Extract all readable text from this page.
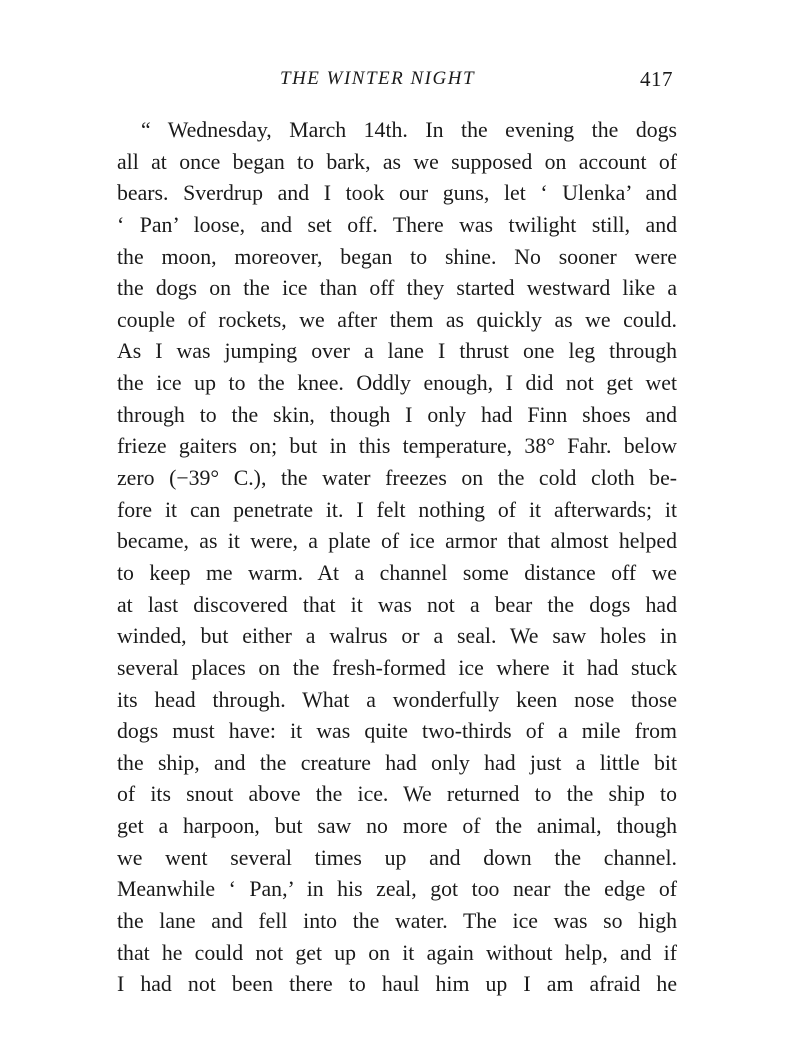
THE WINTER NIGHT	417
“ Wednesday, March 14th. In the evening the dogs
all at once began to bark, as we supposed on account of
bears. Sverdrup and I took our guns, let ‘ Ulenka’ and
‘ Pan’ loose, and set off. There was twilight still, and
the moon, moreover, began to shine. No sooner were
the dogs on the ice than off they started westward like a
couple of rockets, we after them as quickly as we could.
As I was jumping over a lane I thrust one leg through
the ice up to the knee. Oddly enough, I did not get wet
through to the skin, though I only had Finn shoes and
frieze gaiters on; but in this temperature, 38° Fahr. below
zero (−39° C.), the water freezes on the cold cloth be-
fore it can penetrate it. I felt nothing of it afterwards; it
became, as it were, a plate of ice armor that almost helped
to keep me warm. At a channel some distance off we
at last discovered that it was not a bear the dogs had
winded, but either a walrus or a seal. We saw holes in
several places on the fresh-formed ice where it had stuck
its head through. What a wonderfully keen nose those
dogs must have: it was quite two-thirds of a mile from
the ship, and the creature had only had just a little bit
of its snout above the ice. We returned to the ship to
get a harpoon, but saw no more of the animal, though
we went several times up and down the channel.
Meanwhile ‘ Pan,’ in his zeal, got too near the edge of
the lane and fell into the water. The ice was so high
that he could not get up on it again without help, and if
I had not been there to haul him up I am afraid he
